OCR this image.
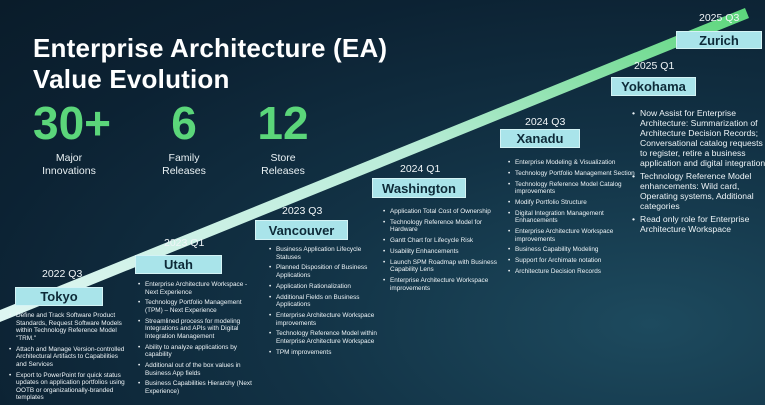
Enterprise Architecture (EA)
Value Evolution
30+
Major
Innovations
6
Family
Releases
12
Store
Releases
2022 Q3
2023 Q1
2023 Q3
2024 Q1
2024 Q3
2025 Q1
2025 Q3
Tokyo
Utah
Vancouver
Washington
Xanadu
Yokohama
Zurich
• Define and Track Software Product Standards, Request Software Models within Technology Reference Model "TRM."
• Attach and Manage Version-controlled Architectural Artifacts to Capabilities and Services
• Export to PowerPoint for quick status updates on application portfolios using OOTB or organizationally-branded templates
• Enterprise Architecture Workspace - Next Experience
• Technology Portfolio Management (TPM) – Next Experience
• Streamlined process for modeling Integrations and APIs with Digital Integration Management
• Ability to analyze applications by capability
• Additional out of the box values in Business App fields
• Business Capabilities Hierarchy (Next Experience)
• Business Application Lifecycle Statuses
• Planned Disposition of Business Applications
• Application Rationalization
• Additional Fields on Business Applications
• Enterprise Architecture Workspace improvements
• Technology Reference Model within Enterprise Architecture Workspace
• TPM improvements
• Application Total Cost of Ownership
• Technology Reference Model for Hardware
• Gantt Chart for Lifecycle Risk
• Usability Enhancements
• Launch SPM Roadmap with Business Capability Lens
• Enterprise Architecture Workspace improvements
• Enterprise Modeling & Visualization
• Technology Portfolio Management Section
• Technology Reference Model Catalog improvements
• Modify Portfolio Structure
• Digital Integration Management Enhancements
• Enterprise Architecture Workspace improvements
• Business Capability Modeling
• Support for Archimate notation
• Architecture Decision Records
• Now Assist for Enterprise Architecture: Summarization of Architecture Decision Records; Conversational catalog requests to register, retire a business application and digital integration
• Technology Reference Model enhancements: Wild card, Operating systems, Additional categories
• Read only role for Enterprise Architecture Workspace
